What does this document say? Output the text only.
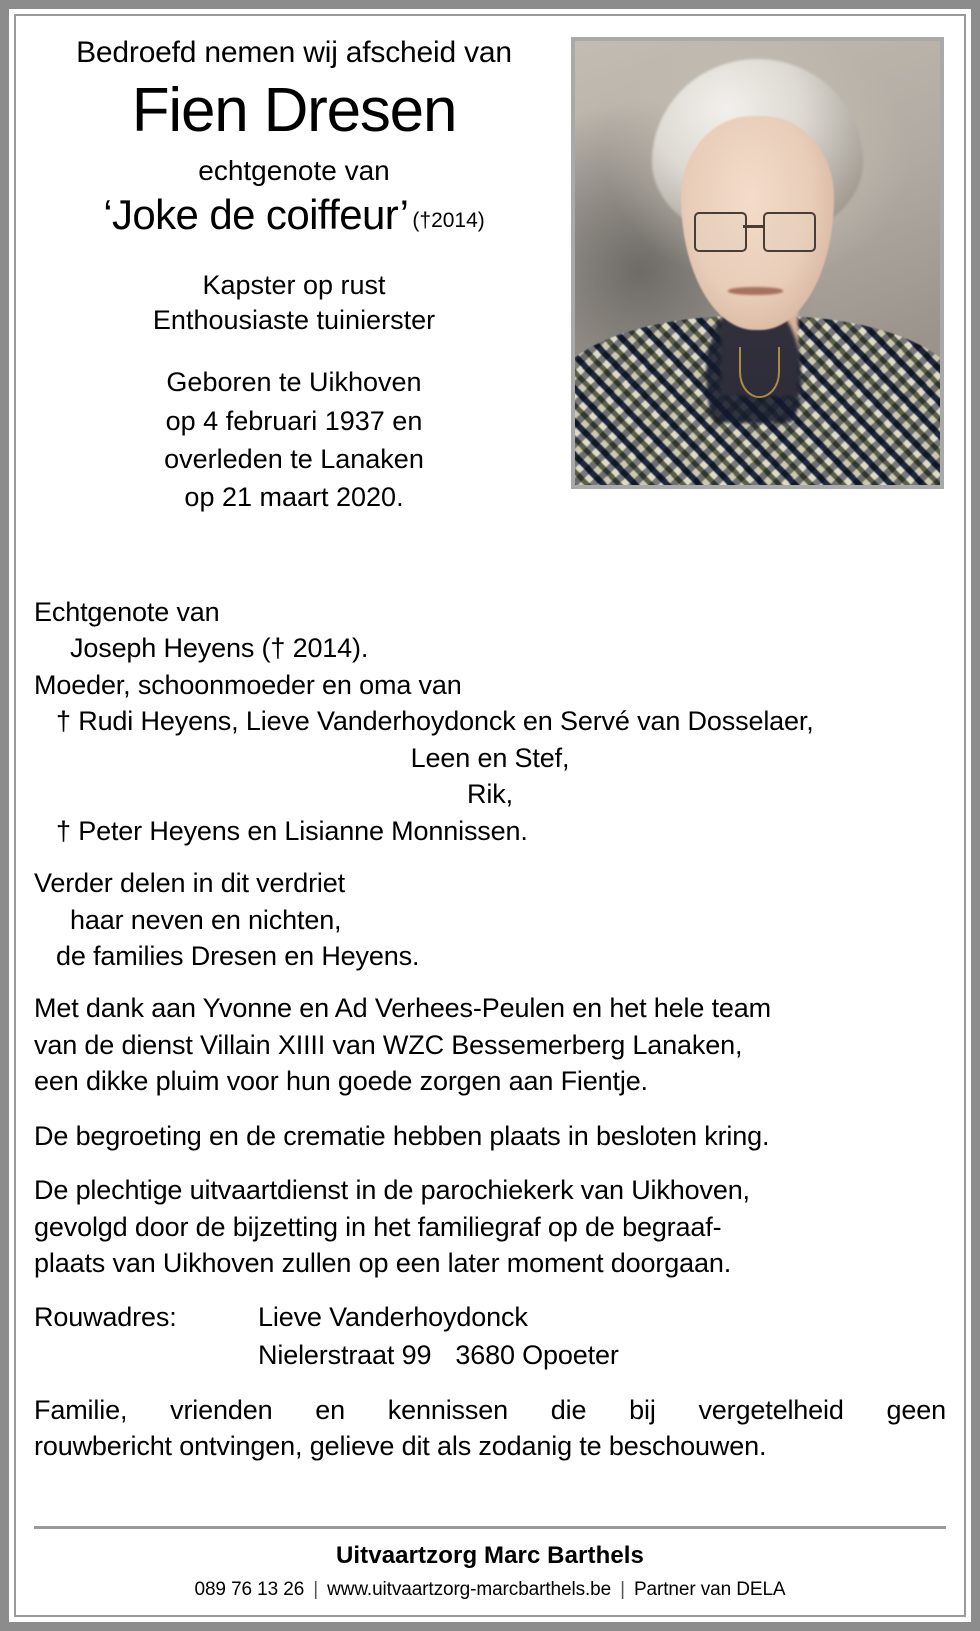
Bedroefd nemen wij afscheid van
Fien Dresen
echtgenote van
‘Joke de coiffeur’ (†2014)
Kapster op rust
Enthousiaste tuinierster
Geboren te Uikhoven
op 4 februari 1937 en
overleden te Lanaken
op 21 maart 2020.
Echtgenote van
Joseph Heyens († 2014).
Moeder, schoonmoeder en oma van
† Rudi Heyens, Lieve Vanderhoydonck en Servé van Dosselaer,
Leen en Stef,
Rik,
† Peter Heyens en Lisianne Monnissen.
Verder delen in dit verdriet
haar neven en nichten,
de families Dresen en Heyens.
Met dank aan Yvonne en Ad Verhees-Peulen en het hele team
van de dienst Villain XIIII van WZC Bessemerberg Lanaken,
een dikke pluim voor hun goede zorgen aan Fientje.
De begroeting en de crematie hebben plaats in besloten kring.
De plechtige uitvaartdienst in de parochiekerk van Uikhoven,
gevolgd door de bijzetting in het familiegraf op de begraaf-
plaats van Uikhoven zullen op een later moment doorgaan.
Rouwadres:	Lieve Vanderhoydonck
Nielerstraat 99 3680 Opoeter
Familie, vrienden en kennissen die bij vergetelheid geen
rouwbericht ontvingen, gelieve dit als zodanig te beschouwen.
Uitvaartzorg Marc Barthels
089 76 13 26 | www.uitvaartzorg-marcbarthels.be | Partner van DELA
